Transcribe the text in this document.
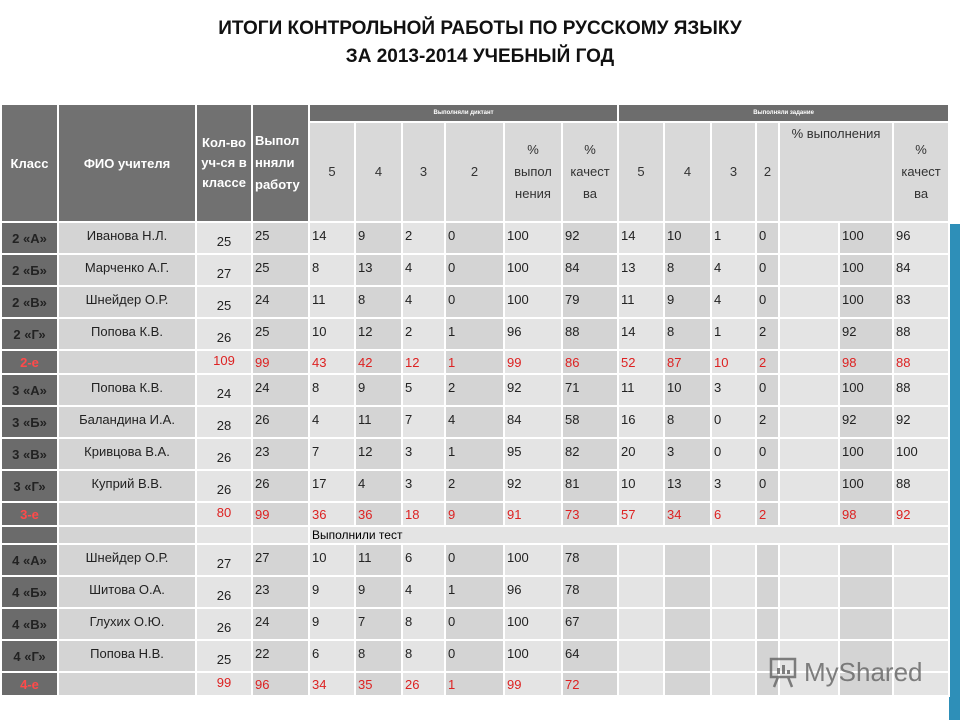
ИТОГИ КОНТРОЛЬНОЙ РАБОТЫ ПО РУССКОМУ ЯЗЫКУ
ЗА 2013-2014 УЧЕБНЫЙ ГОД
Класс	ФИО учителя	Кол-во уч-ся в классе	Выпол нняли работу	Выполняли диктант						Выполняли задание						
				5	4	3	2	% выпол нения	% качест ва	5	4	3	2	% выполнения		% качест ва
2 «А»	Иванова Н.Л.	25	25	14	9	2	0	100	92	14	10	1	0		100	96
2 «Б»	Марченко А.Г.	27	25	8	13	4	0	100	84	13	8	4	0		100	84
2 «В»	Шнейдер О.Р.	25	24	11	8	4	0	100	79	11	9	4	0		100	83
2 «Г»	Попова К.В.	26	25	10	12	2	1	96	88	14	8	1	2		92	88
2-е		109	99	43	42	12	1	99	86	52	87	10	2		98	88
3 «А»	Попова К.В.	24	24	8	9	5	2	92	71	11	10	3	0		100	88
3 «Б»	Баландина И.А.	28	26	4	11	7	4	84	58	16	8	0	2		92	92
3 «В»	Кривцова В.А.	26	23	7	12	3	1	95	82	20	3	0	0		100	100
3 «Г»	Куприй В.В.	26	26	17	4	3	2	92	81	10	13	3	0		100	88
3-е		80	99	36	36	18	9	91	73	57	34	6	2		98	92
				Выполнили тест												
4 «А»	Шнейдер О.Р.	27	27	10	11	6	0	100	78							
4 «Б»	Шитова О.А.	26	23	9	9	4	1	96	78							
4 «В»	Глухих О.Ю.	26	24	9	7	8	0	100	67							
4 «Г»	Попова Н.В.	25	22	6	8	8	0	100	64							
4-е		99	96	34	35	26	1	99	72								MyShared
